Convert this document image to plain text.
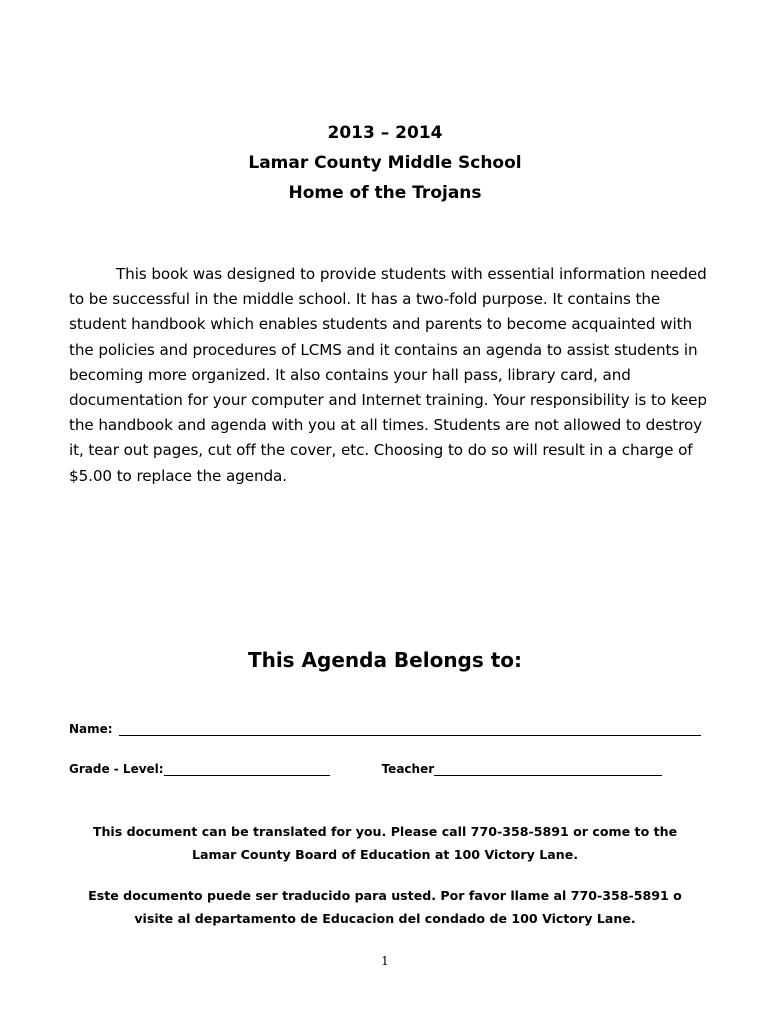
2013 – 2014
Lamar County Middle School
Home of the Trojans

This book was designed to provide students with essential information needed to be successful in the middle school. It has a two-fold purpose. It contains the student handbook which enables students and parents to become acquainted with the policies and procedures of LCMS and it contains an agenda to assist students in becoming more organized. It also contains your hall pass, library card, and documentation for your computer and Internet training. Your responsibility is to keep the handbook and agenda with you at all times. Students are not allowed to destroy it, tear out pages, cut off the cover, etc. Choosing to do so will result in a charge of $5.00 to replace the agenda.

This Agenda Belongs to:
Name:
Grade - Level:	Teacher
This document can be translated for you. Please call 770-358-5891 or come to the
Lamar County Board of Education at 100 Victory Lane.
Este documento puede ser traducido para usted. Por favor llame al 770-358-5891 o
visite al departamento de Educacion del condado de 100 Victory Lane.
1
